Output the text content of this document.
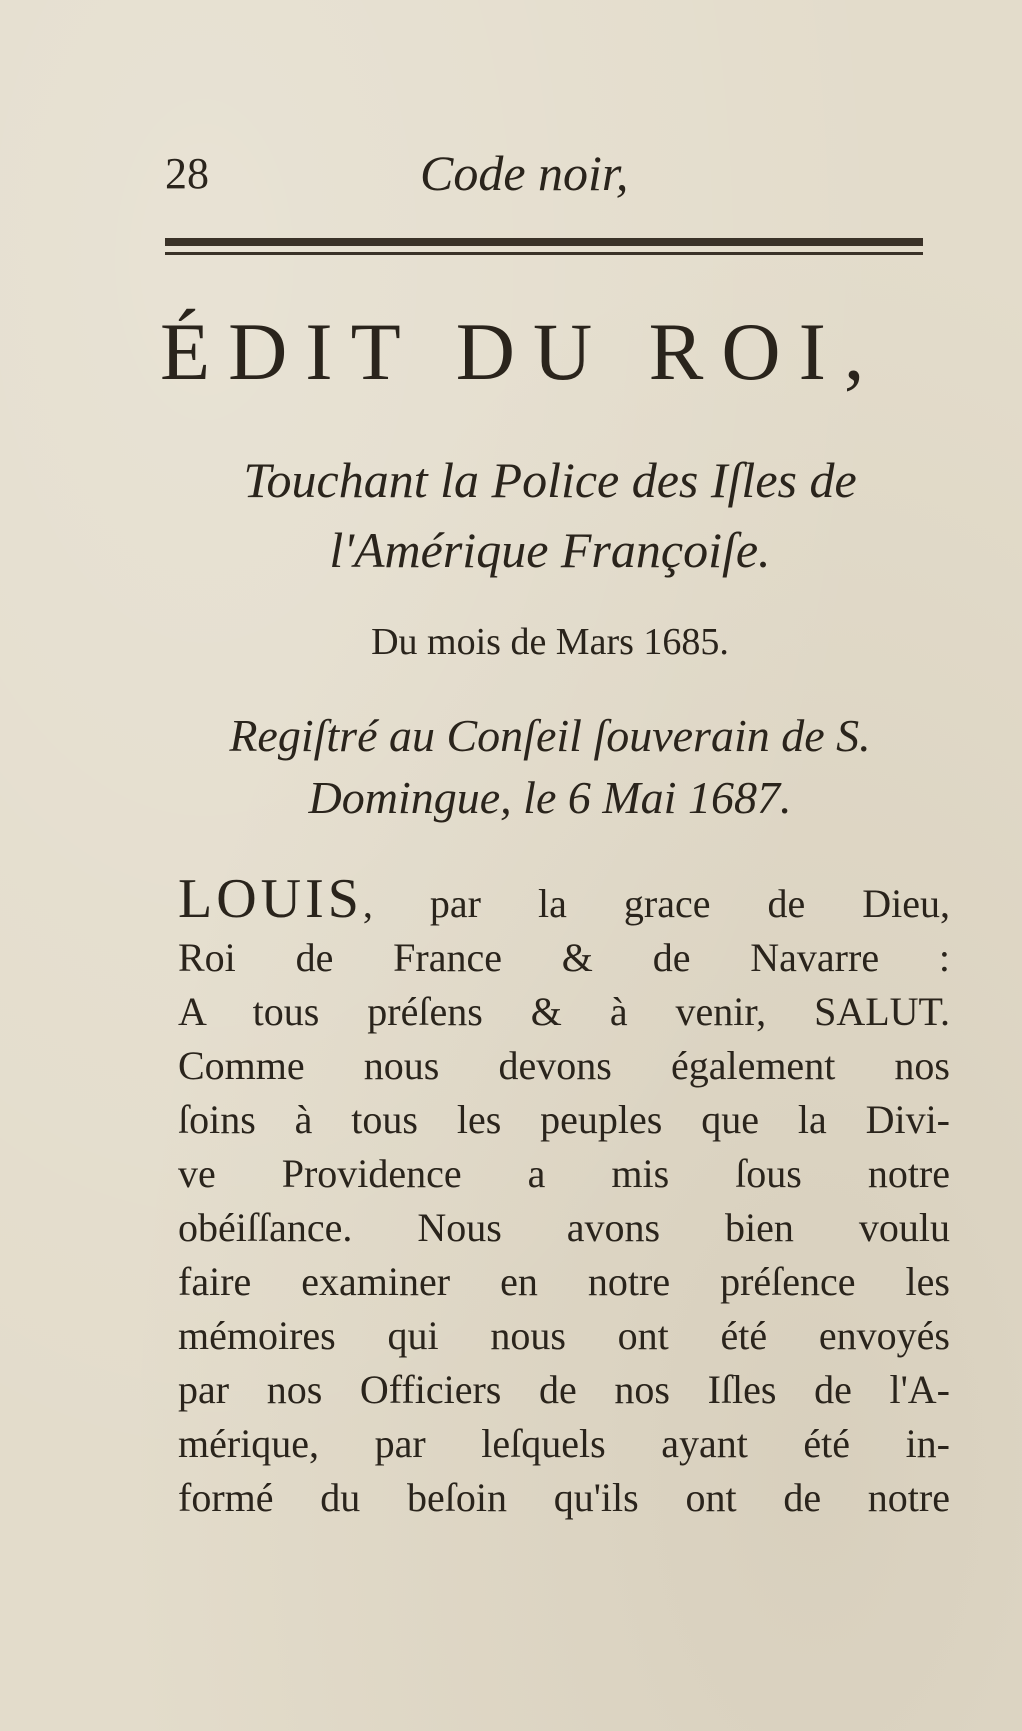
28	Code noir,
ÉDIT DU ROI,
Touchant la Police des Iſles de
l'Amérique Françoiſe.
Du mois de Mars 1685.
Regiſtré au Conſeil ſouverain de S.
Domingue, le 6 Mai 1687.
LOUIS, par la grace de Dieu,
Roi de France & de Navarre :
A tous préſens & à venir, SALUT.
Comme nous devons également nos
ſoins à tous les peuples que la Divi-
ve Providence a mis ſous notre
obéiſſance. Nous avons bien voulu
faire examiner en notre préſence les
mémoires qui nous ont été envoyés
par nos Officiers de nos Iſles de l'A-
mérique, par leſquels ayant été in-
formé du beſoin qu'ils ont de notre
